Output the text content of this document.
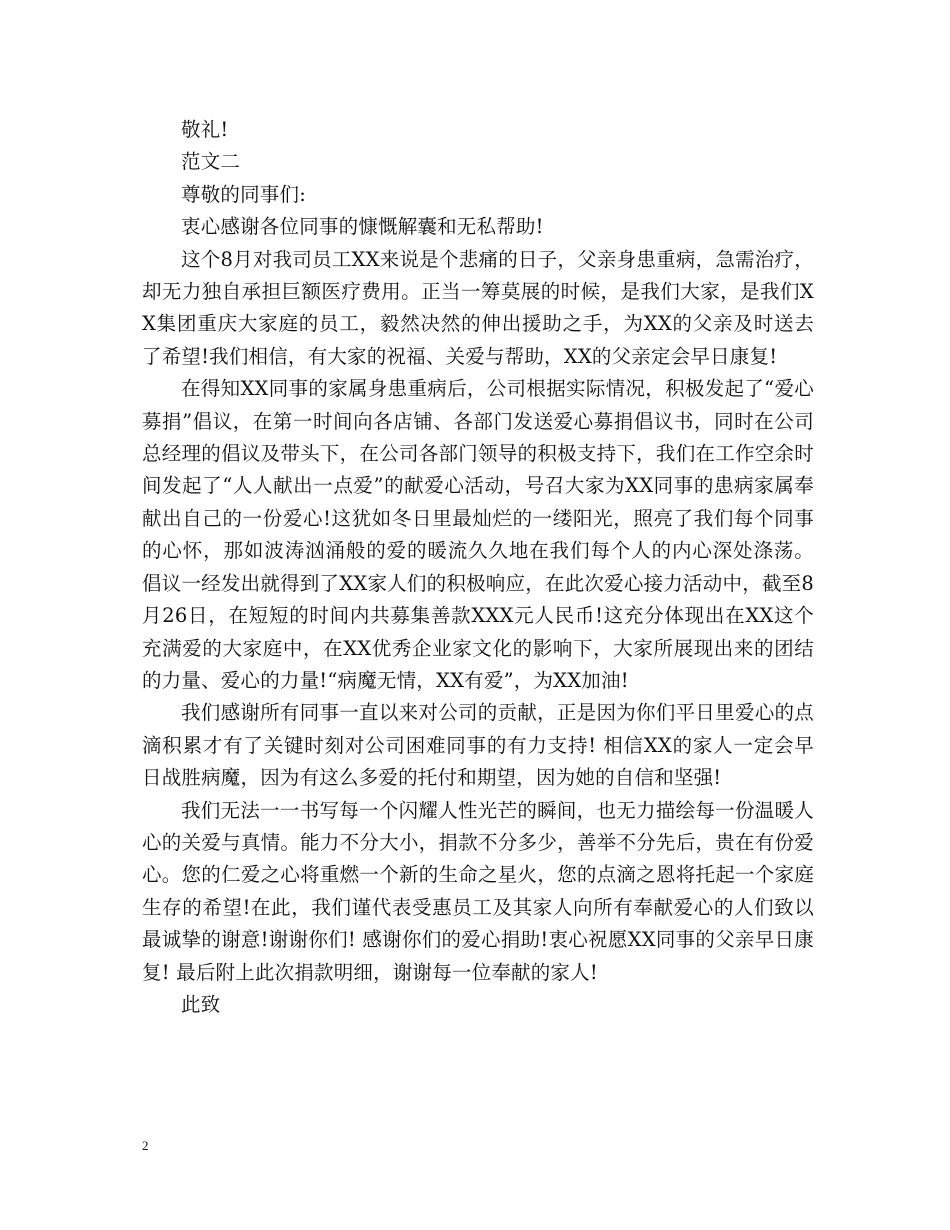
敬礼!

范文二

尊敬的同事们:

衷心感谢各位同事的慷慨解囊和无私帮助!

这个8月对我司员工XX来说是个悲痛的日子，父亲身患重病，急需治疗，却无力独自承担巨额医疗费用。正当一筹莫展的时候，是我们大家，是我们XX集团重庆大家庭的员工，毅然决然的伸出援助之手，为XX的父亲及时送去了希望!我们相信，有大家的祝福、关爱与帮助，XX的父亲定会早日康复!

在得知XX同事的家属身患重病后，公司根据实际情况，积极发起了“爱心募捐”倡议，在第一时间向各店铺、各部门发送爱心募捐倡议书，同时在公司总经理的倡议及带头下，在公司各部门领导的积极支持下，我们在工作空余时间发起了“人人献出一点爱”的献爱心活动，号召大家为XX同事的患病家属奉献出自己的一份爱心!这犹如冬日里最灿烂的一缕阳光，照亮了我们每个同事的心怀，那如波涛汹涌般的爱的暖流久久地在我们每个人的内心深处涤荡。 倡议一经发出就得到了XX家人们的积极响应，在此次爱心接力活动中，截至8月26日，在短短的时间内共募集善款XXX元人民币!这充分体现出在XX这个充满爱的大家庭中，在XX优秀企业家文化的影响下，大家所展现出来的团结的力量、爱心的力量!“病魔无情，XX有爱”，为XX加油!

我们感谢所有同事一直以来对公司的贡献，正是因为你们平日里爱心的点滴积累才有了关键时刻对公司困难同事的有力支持! 相信XX的家人一定会早日战胜病魔，因为有这么多爱的托付和期望，因为她的自信和坚强!

我们无法一一书写每一个闪耀人性光芒的瞬间，也无力描绘每一份温暖人心的关爱与真情。能力不分大小，捐款不分多少，善举不分先后，贵在有份爱心。您的仁爱之心将重燃一个新的生命之星火，您的点滴之恩将托起一个家庭生存的希望!在此，我们谨代表受惠员工及其家人向所有奉献爱心的人们致以最诚挚的谢意!谢谢你们! 感谢你们的爱心捐助!衷心祝愿XX同事的父亲早日康复! 最后附上此次捐款明细，谢谢每一位奉献的家人!

此致

2
